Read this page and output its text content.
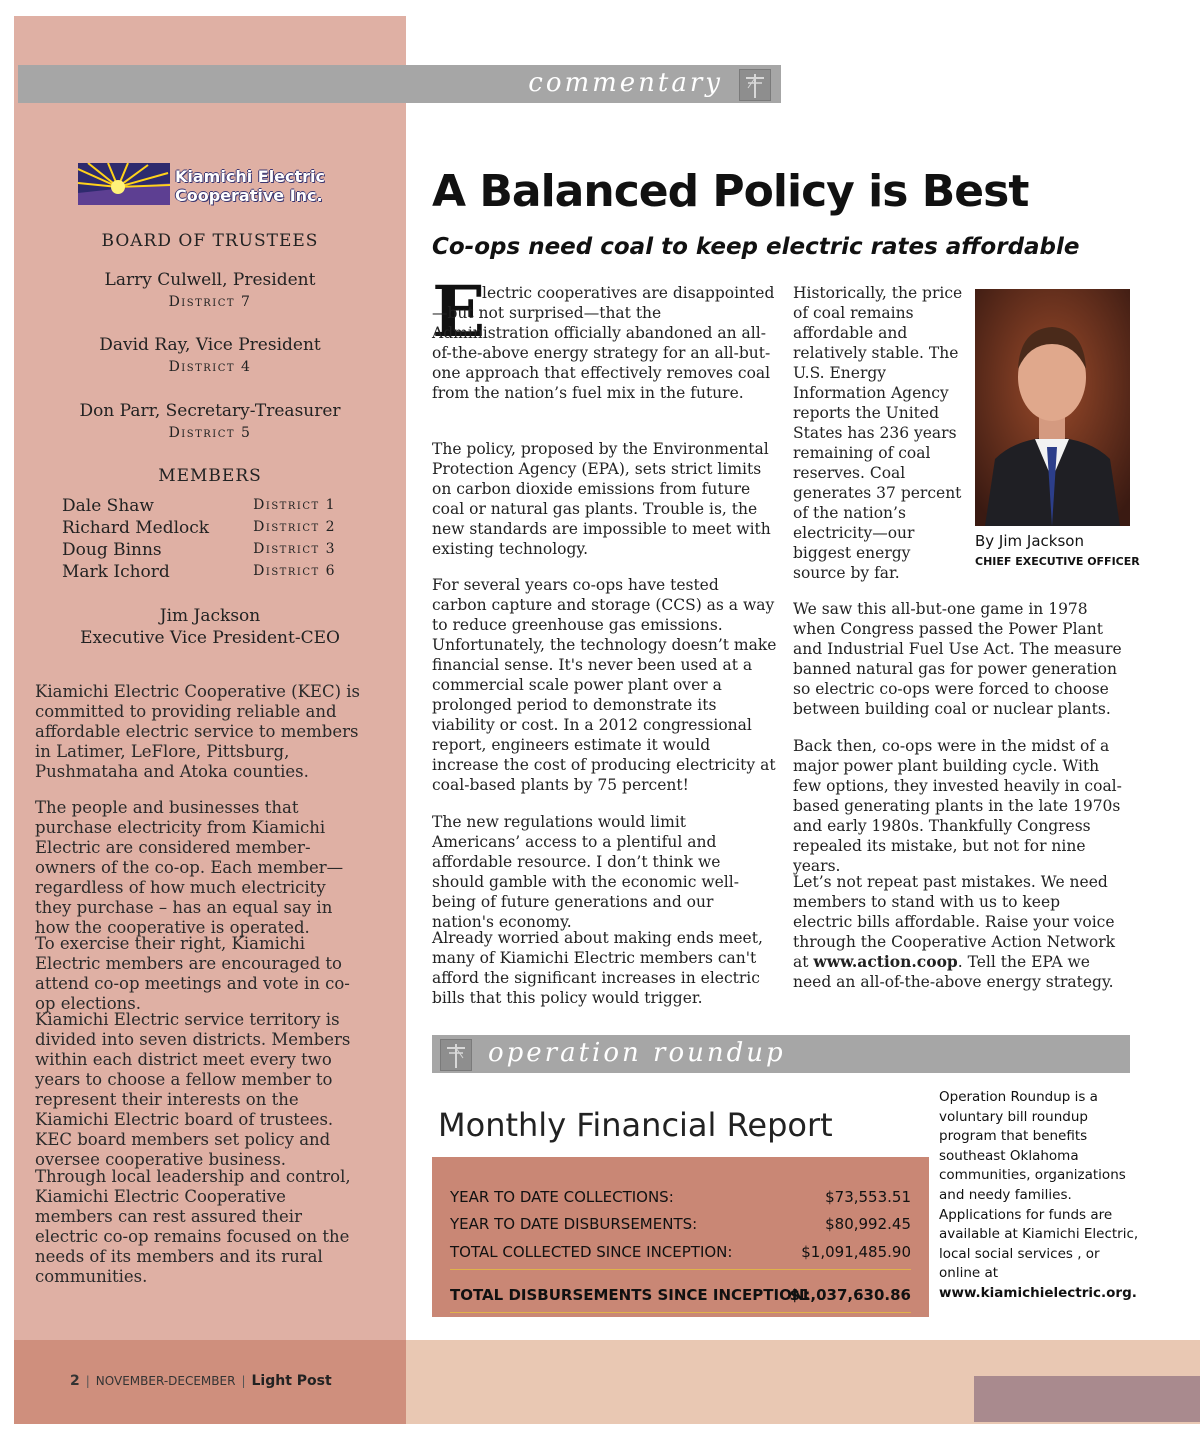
commentary
Kiamichi Electric
Cooperative Inc.
BOARD OF TRUSTEES
Larry Culwell, President
District 7
David Ray, Vice President
District 4
Don Parr, Secretary-Treasurer
District 5
MEMBERS
Dale Shaw	District 1
Richard Medlock	District 2
Doug Binns	District 3
Mark Ichord	District 6
Jim Jackson
Executive Vice President-CEO

Kiamichi Electric Cooperative (KEC) is committed to providing reliable and affordable electric service to members in Latimer, LeFlore, Pittsburg, Pushmataha and Atoka counties.

The people and businesses that purchase electricity from Kiamichi Electric are considered member-owners of the co-op. Each member—regardless of how much electricity they purchase – has an equal say in how the cooperative is operated.

To exercise their right, Kiamichi Electric members are encouraged to attend co-op meetings and vote in co-op elections.

Kiamichi Electric service territory is divided into seven districts. Members within each district meet every two years to choose a fellow member to represent their interests on the Kiamichi Electric board of trustees. KEC board members set policy and oversee cooperative business.

Through local leadership and control, Kiamichi Electric Cooperative members can rest assured their electric co-op remains focused on the needs of its members and its rural communities.

A Balanced Policy is Best
Co-ops need coal to keep electric rates affordable
E

lectric cooperatives are disappointed—but not surprised—that the Administration officially abandoned an all-of-the-above energy strategy for an all-but-one approach that effectively removes coal from the nation’s fuel mix in the future.

The policy, proposed by the Environmental Protection Agency (EPA), sets strict limits on carbon dioxide emissions from future coal or natural gas plants. Trouble is, the new standards are impossible to meet with existing technology.

For several years co-ops have tested carbon capture and storage (CCS) as a way to reduce greenhouse gas emissions. Unfortunately, the technology doesn’t make financial sense. It's never been used at a commercial scale power plant over a prolonged period to demonstrate its viability or cost. In a 2012 congressional report, engineers estimate it would increase the cost of producing electricity at coal-based plants by 75 percent!

The new regulations would limit Americans’ access to a plentiful and affordable resource. I don’t think we should gamble with the economic well-being of future generations and our nation's economy.

Already worried about making ends meet, many of Kiamichi Electric members can't afford the significant increases in electric bills that this policy would trigger.

Historically, the price of coal remains affordable and relatively stable. The U.S. Energy Information Agency reports the United States has 236 years remaining of coal reserves. Coal generates 37 percent of the nation’s electricity—our biggest energy source by far.

We saw this all-but-one game in 1978 when Congress passed the Power Plant and Industrial Fuel Use Act. The measure banned natural gas for power generation so electric co-ops were forced to choose between building coal or nuclear plants.

Back then, co-ops were in the midst of a major power plant building cycle. With few options, they invested heavily in coal-based generating plants in the late 1970s and early 1980s. Thankfully Congress repealed its mistake, but not for nine years.

Let’s not repeat past mistakes. We need members to stand with us to keep electric bills affordable. Raise your voice through the Cooperative Action Network at www.action.coop. Tell the EPA we need an all-of-the-above energy strategy.

By Jim Jackson
CHIEF EXECUTIVE OFFICER
operation roundup
Monthly Financial Report
YEAR TO DATE COLLECTIONS:	$73,553.51
YEAR TO DATE DISBURSEMENTS:	$80,992.45
TOTAL COLLECTED SINCE INCEPTION:	$1,091,485.90
TOTAL DISBURSEMENTS SINCE INCEPTION:
$1,037,630.86
Operation Roundup is a voluntary bill roundup program that benefits southeast Oklahoma communities, organizations and needy families. Applications for funds are available at Kiamichi Electric, local social services , or online at www.kiamichielectric.org.
2 | NOVEMBER-DECEMBER | Light Post
